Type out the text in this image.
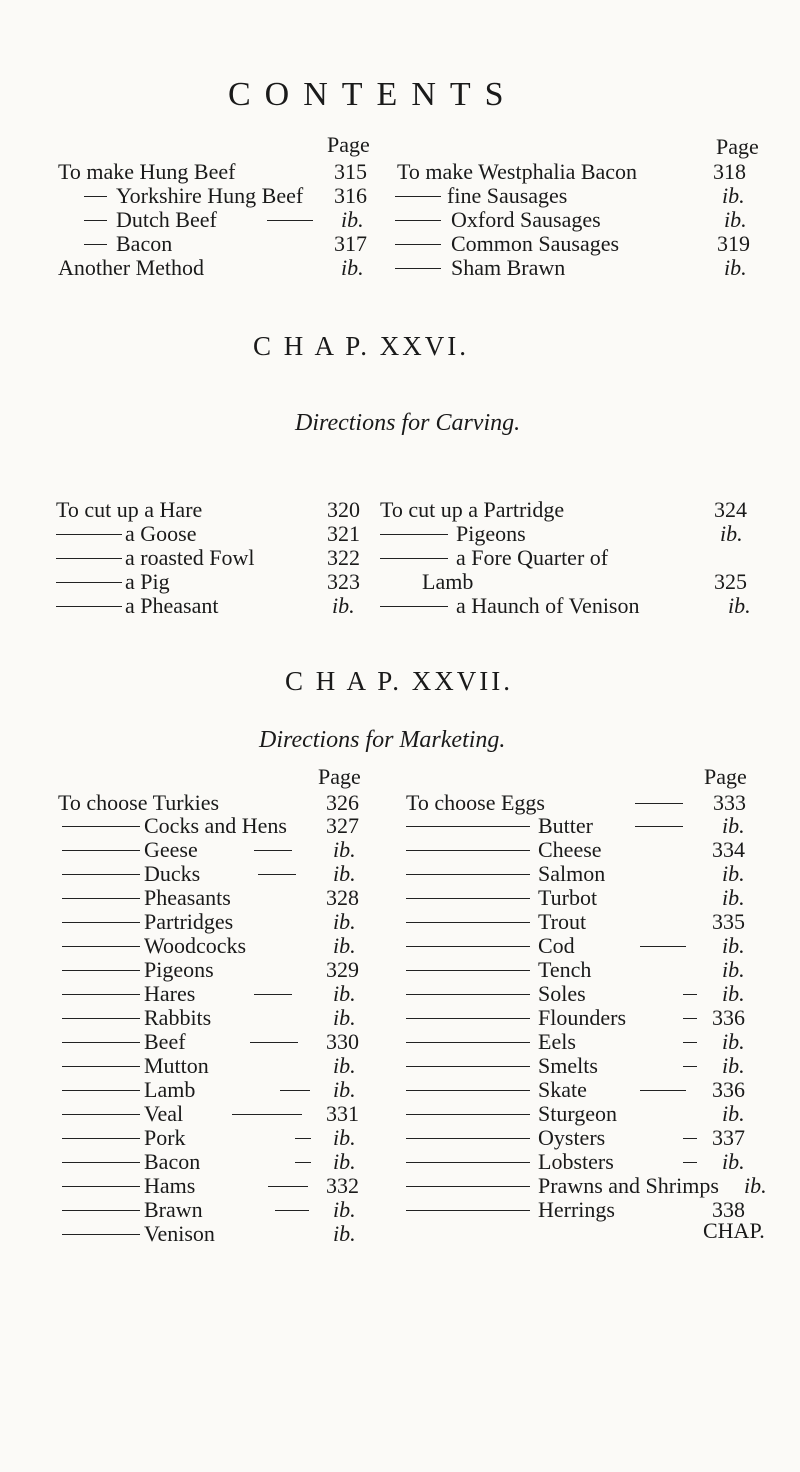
CONTENTS
Page	Page
To make Hung Beef	315
Yorkshire Hung Beef 316
Dutch Beef	ib.
Bacon	317
Another Method	ib.
To make Westphalia Bacon	318
fine Sausages	ib.
Oxford Sausages	ib.
Common Sausages	319
Sham Brawn	ib.
C H A P. XXVI.
Directions for Carving.
To cut up a Hare	320
a Goose	321
a roasted Fowl	322
a Pig	323
a Pheasant	ib.
To cut up a Partridge	324
Pigeons	ib.
a Fore Quarter of
Lamb	325
a Haunch of Venison	ib.
C H A P. XXVII.
Directions for Marketing.
Page	Page
To choose Turkies	326
Cocks and Hens 327
Geese	ib.
Ducks	ib.
Pheasants	328
Partridges	ib.
Woodcocks	ib.
Pigeons	329
Hares	ib.
Rabbits	ib.
Beef	330
Mutton	ib.
Lamb	ib.
Veal	331
Pork	ib.
Bacon	ib.
Hams	332
Brawn	ib.
Venison	ib.
To choose Eggs	333
Butter	ib.
Cheese	334
Salmon	ib.
Turbot	ib.
Trout	335
Cod	ib.
Tench	ib.
Soles	ib.
Flounders	336
Eels	ib.
Smelts	ib.
Skate	336
Sturgeon	ib.
Oysters	337
Lobsters	ib.
Prawns and Shrimps ib.
Herrings	338
CHAP.
